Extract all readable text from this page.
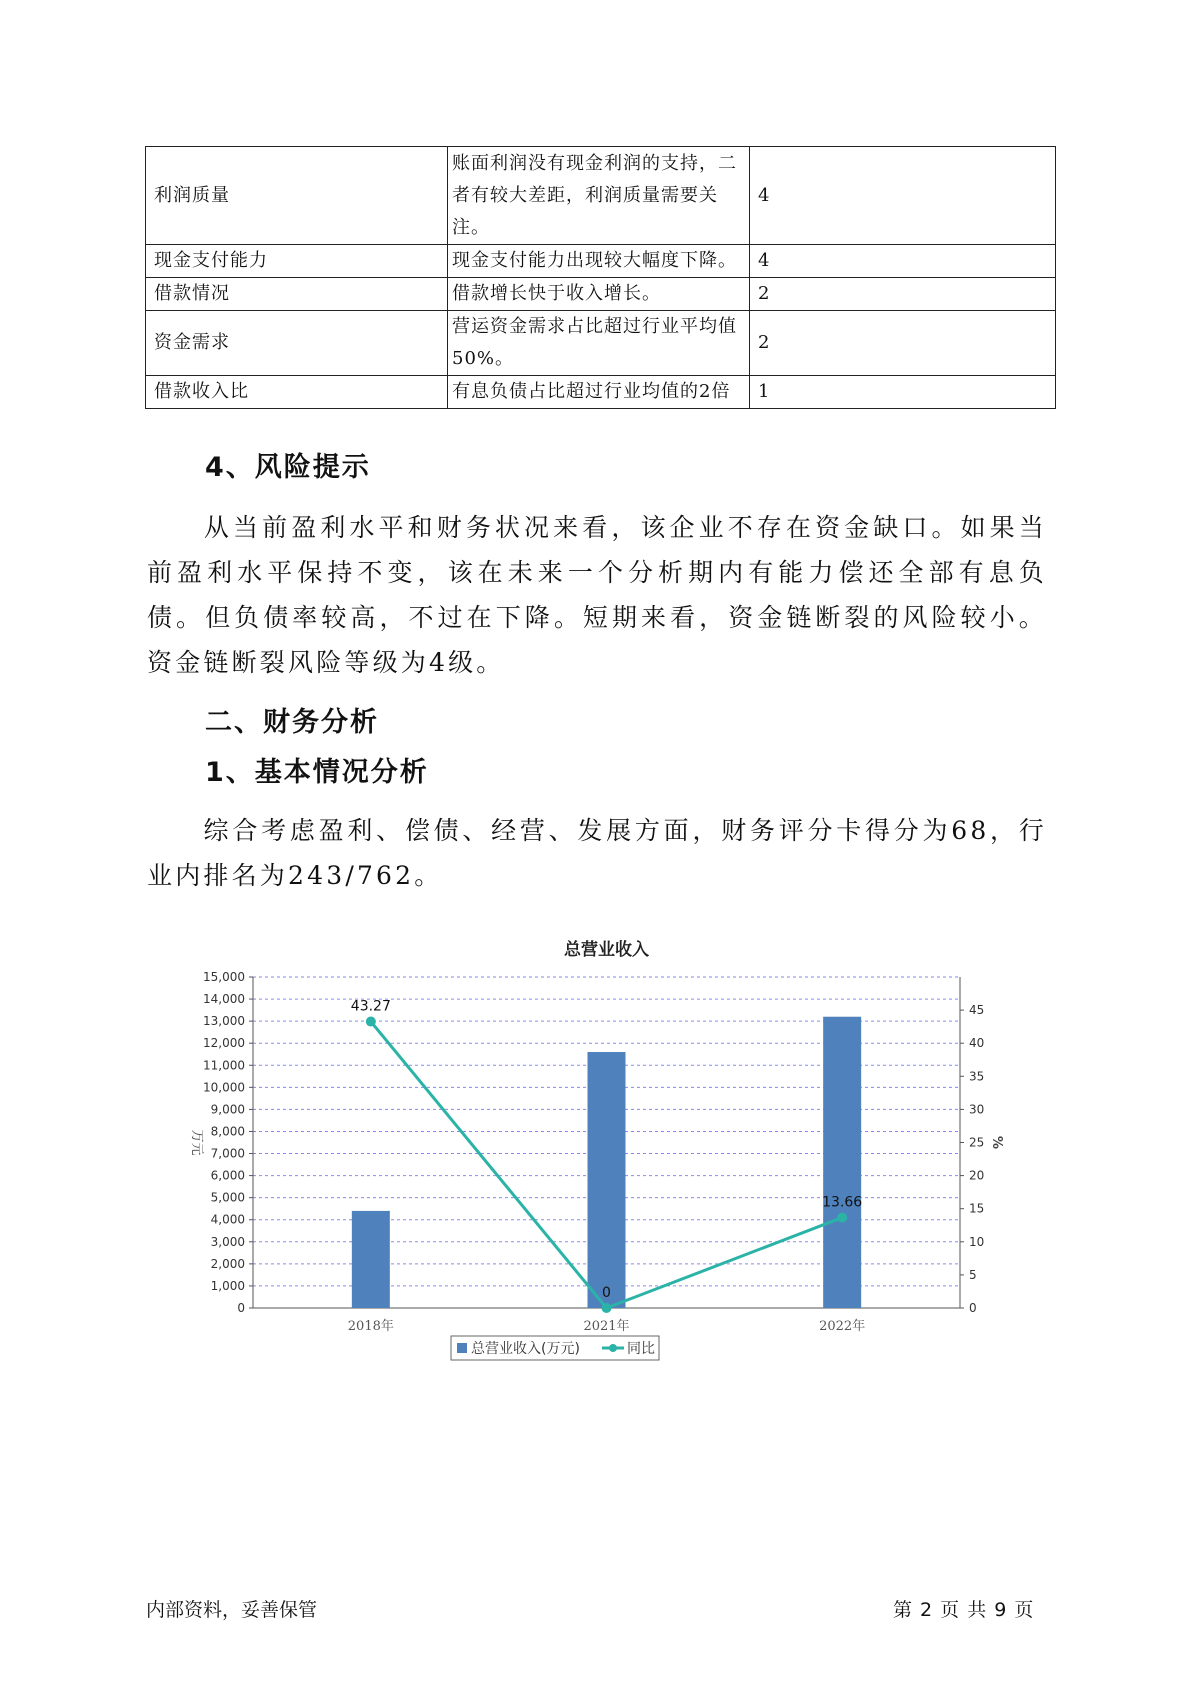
利润质量	账面利润没有现金利润的支持，二者有较大差距，利润质量需要关注。	4
现金支付能力	现金支付能力出现较大幅度下降。	4
借款情况	借款增长快于收入增长。	2
资金需求	营运资金需求占比超过行业平均值50%。	2
借款收入比	有息负债占比超过行业均值的2倍	1
4、风险提示
从当前盈利水平和财务状况来看，该企业不存在资金缺口。如果当前盈利水平保持不变，该在未来一个分析期内有能力偿还全部有息负债。但负债率较高，不过在下降。短期来看，资金链断裂的风险较小。资金链断裂风险等级为4级。
二、财务分析
1、基本情况分析
综合考虑盈利、偿债、经营、发展方面，财务评分卡得分为68，行业内排名为243/762。
总营业收入
0
1,000
2,000
3,000
4,000
5,000
6,000
7,000
8,000
9,000
10,000
11,000
12,000
13,000
14,000
15,000
0
5
10
15
20
25
30
35
40
45
万元	%
2018年	2021年	2022年
43.27
0
13.66
总营业收入(万元)	同比
内部资料，妥善保管	第 2 页 共 9 页
